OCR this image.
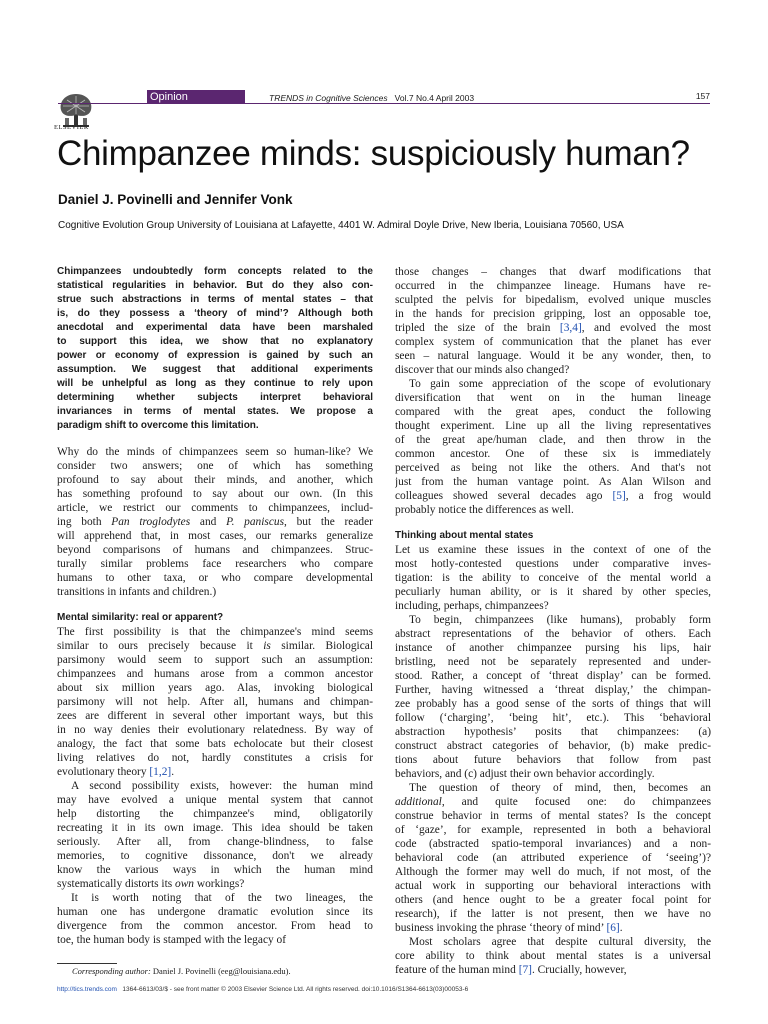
ELSEVIER
Opinion	TRENDS in Cognitive Sciences Vol.7 No.4 April 2003	157
Chimpanzee minds: suspiciously human?
Daniel J. Povinelli and Jennifer Vonk
Cognitive Evolution Group University of Louisiana at Lafayette, 4401 W. Admiral Doyle Drive, New Iberia, Louisiana 70560, USA
Chimpanzees undoubtedly form concepts related to the
statistical regularities in behavior. But do they also con-
strue such abstractions in terms of mental states – that
is, do they possess a ‘theory of mind’? Although both
anecdotal and experimental data have been marshaled
to support this idea, we show that no explanatory
power or economy of expression is gained by such an
assumption. We suggest that additional experiments
will be unhelpful as long as they continue to rely upon
determining whether subjects interpret behavioral
invariances in terms of mental states. We propose a
paradigm shift to overcome this limitation.
Why do the minds of chimpanzees seem so human-like? We
consider two answers; one of which has something
profound to say about their minds, and another, which
has something profound to say about our own. (In this
article, we restrict our comments to chimpanzees, includ-
ing both Pan troglodytes and P. paniscus, but the reader
will apprehend that, in most cases, our remarks generalize
beyond comparisons of humans and chimpanzees. Struc-
turally similar problems face researchers who compare
humans to other taxa, or who compare developmental
transitions in infants and children.)
Mental similarity: real or apparent?
The first possibility is that the chimpanzee's mind seems
similar to ours precisely because it is similar. Biological
parsimony would seem to support such an assumption:
chimpanzees and humans arose from a common ancestor
about six million years ago. Alas, invoking biological
parsimony will not help. After all, humans and chimpan-
zees are different in several other important ways, but this
in no way denies their evolutionary relatedness. By way of
analogy, the fact that some bats echolocate but their closest
living relatives do not, hardly constitutes a crisis for
evolutionary theory [1,2].
A second possibility exists, however: the human mind
may have evolved a unique mental system that cannot
help distorting the chimpanzee's mind, obligatorily
recreating it in its own image. This idea should be taken
seriously. After all, from change-blindness, to false
memories, to cognitive dissonance, don't we already
know the various ways in which the human mind
systematically distorts its own workings?
It is worth noting that of the two lineages, the
human one has undergone dramatic evolution since its
divergence from the common ancestor. From head to
toe, the human body is stamped with the legacy of
those changes – changes that dwarf modifications that
occurred in the chimpanzee lineage. Humans have re-
sculpted the pelvis for bipedalism, evolved unique muscles
in the hands for precision gripping, lost an opposable toe,
tripled the size of the brain [3,4], and evolved the most
complex system of communication that the planet has ever
seen – natural language. Would it be any wonder, then, to
discover that our minds also changed?
To gain some appreciation of the scope of evolutionary
diversification that went on in the human lineage
compared with the great apes, conduct the following
thought experiment. Line up all the living representatives
of the great ape/human clade, and then throw in the
common ancestor. One of these six is immediately
perceived as being not like the others. And that's not
just from the human vantage point. As Alan Wilson and
colleagues showed several decades ago [5], a frog would
probably notice the differences as well.
Thinking about mental states
Let us examine these issues in the context of one of the
most hotly-contested questions under comparative inves-
tigation: is the ability to conceive of the mental world a
peculiarly human ability, or is it shared by other species,
including, perhaps, chimpanzees?
To begin, chimpanzees (like humans), probably form
abstract representations of the behavior of others. Each
instance of another chimpanzee pursing his lips, hair
bristling, need not be separately represented and under-
stood. Rather, a concept of ‘threat display’ can be formed.
Further, having witnessed a ‘threat display,’ the chimpan-
zee probably has a good sense of the sorts of things that will
follow (‘charging’, ‘being hit’, etc.). This ‘behavioral
abstraction hypothesis’ posits that chimpanzees: (a)
construct abstract categories of behavior, (b) make predic-
tions about future behaviors that follow from past
behaviors, and (c) adjust their own behavior accordingly.
The question of theory of mind, then, becomes an
additional, and quite focused one: do chimpanzees
construe behavior in terms of mental states? Is the concept
of ‘gaze’, for example, represented in both a behavioral
code (abstracted spatio-temporal invariances) and a non-
behavioral code (an attributed experience of ‘seeing’)?
Although the former may well do much, if not most, of the
actual work in supporting our behavioral interactions with
others (and hence ought to be a greater focal point for
research), if the latter is not present, then we have no
business invoking the phrase ‘theory of mind’ [6].
Most scholars agree that despite cultural diversity, the
core ability to think about mental states is a universal
feature of the human mind [7]. Crucially, however,
Corresponding author: Daniel J. Povinelli (eeg@louisiana.edu).
http://tics.trends.com 1364-6613/03/$ - see front matter © 2003 Elsevier Science Ltd. All rights reserved. doi:10.1016/S1364-6613(03)00053-6
